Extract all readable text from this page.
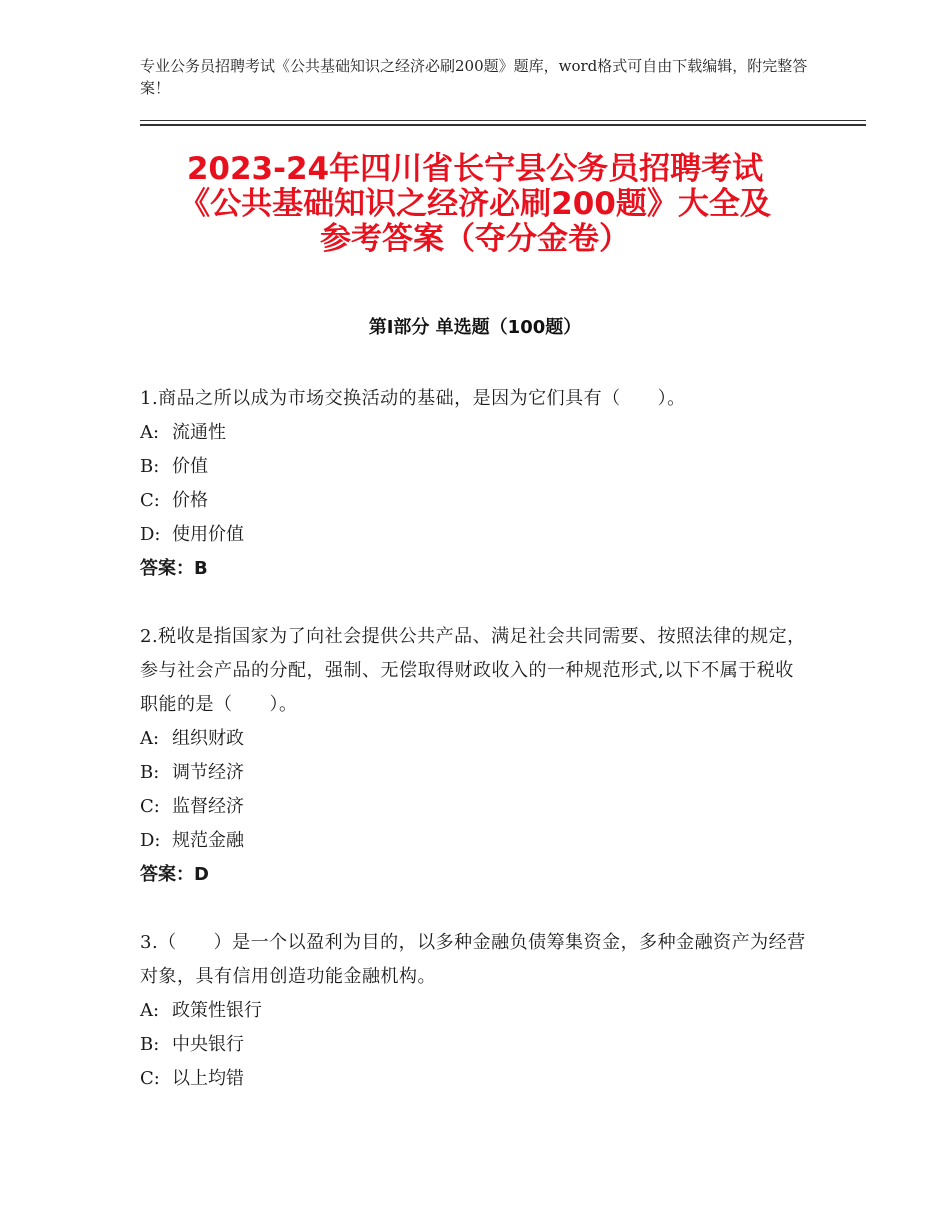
专业公务员招聘考试《公共基础知识之经济必刷200题》题库，word格式可自由下载编辑，附完整答案！
2023-24年四川省长宁县公务员招聘考试
《公共基础知识之经济必刷200题》大全及
参考答案（夺分金卷）
第Ⅰ部分 单选题（100题）
1.商品之所以成为市场交换活动的基础，是因为它们具有（　　）。
A: 流通性
B: 价值
C: 价格
D: 使用价值
答案：B
2.税收是指国家为了向社会提供公共产品、满足社会共同需要、按照法律的规定，参与社会产品的分配，强制、无偿取得财政收入的一种规范形式,以下不属于税收职能的是（　　）。
A: 组织财政
B: 调节经济
C: 监督经济
D: 规范金融
答案：D
3.（　　）是一个以盈利为目的，以多种金融负债筹集资金，多种金融资产为经营对象，具有信用创造功能金融机构。
A: 政策性银行
B: 中央银行
C: 以上均错
